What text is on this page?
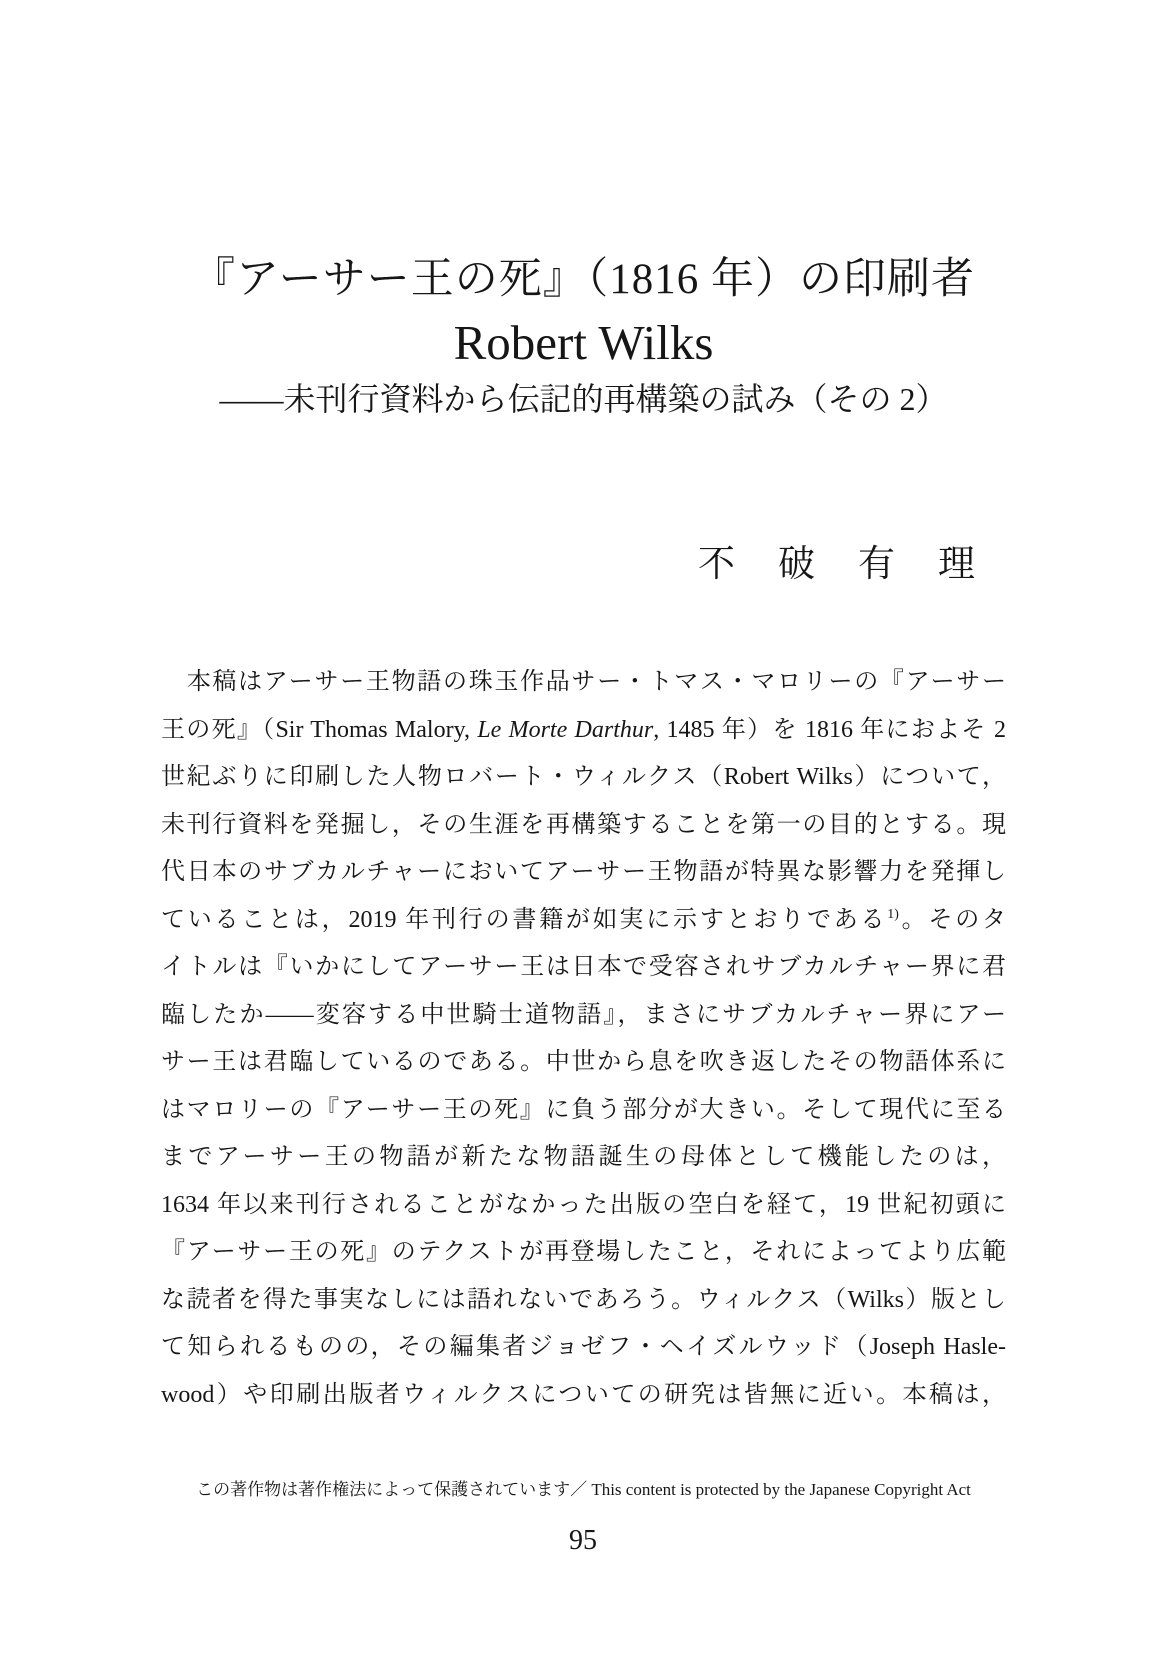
『アーサー王の死』（1816 年）の印刷者
Robert Wilks
——未刊行資料から伝記的再構築の試み（その 2）
不　破　有　理
　本稿はアーサー王物語の珠玉作品サー・トマス・マロリーの『アーサー
王の死』（Sir Thomas Malory, Le Morte Darthur, 1485 年）を 1816 年におよそ 2
世紀ぶりに印刷した人物ロバート・ウィルクス（Robert Wilks）について，
未刊行資料を発掘し，その生涯を再構築することを第一の目的とする。現
代日本のサブカルチャーにおいてアーサー王物語が特異な影響力を発揮し
ていることは，2019 年刊行の書籍が如実に示すとおりである$^{1)}$。そのタ
イトルは『いかにしてアーサー王は日本で受容されサブカルチャー界に君
臨したか——変容する中世騎士道物語』，まさにサブカルチャー界にアー
サー王は君臨しているのである。中世から息を吹き返したその物語体系に
はマロリーの『アーサー王の死』に負う部分が大きい。そして現代に至る
までアーサー王の物語が新たな物語誕生の母体として機能したのは，
1634 年以来刊行されることがなかった出版の空白を経て，19 世紀初頭に
『アーサー王の死』のテクストが再登場したこと，それによってより広範
な読者を得た事実なしには語れないであろう。ウィルクス（Wilks）版とし
て知られるものの，その編集者ジョゼフ・ヘイズルウッド（Joseph Hasle-
wood）や印刷出版者ウィルクスについての研究は皆無に近い。本稿は，
この著作物は著作権法によって保護されています／ This content is protected by the Japanese Copyright Act
95
